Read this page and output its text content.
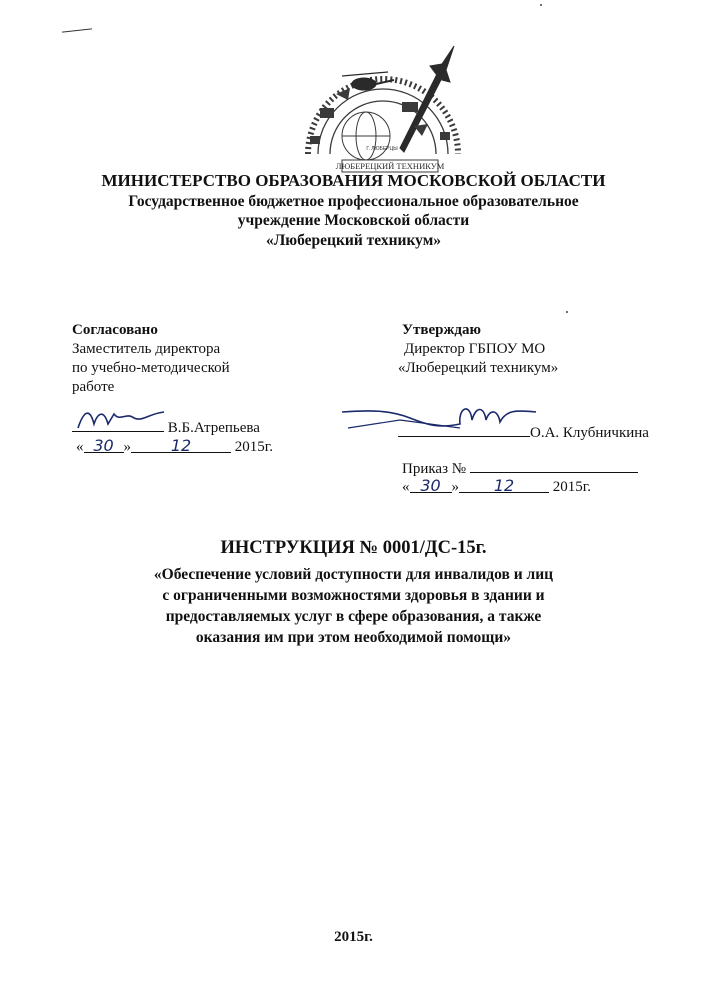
ЛЮБЕРЕЦКИЙ ТЕХНИКУМ
Г. ЛЮБЕРЦЫ
МИНИСТЕРСТВО ОБРАЗОВАНИЯ МОСКОВСКОЙ ОБЛАСТИ
Государственное бюджетное профессиональное образовательное
учреждение Московской области
«Люберецкий техникум»
Согласовано
Заместитель директора
по учебно-методической
работе
В.Б.Атрепьева
« 30 » 12	2015г.
Утверждаю
Директор ГБПОУ МО
«Люберецкий техникум»
О.А. Клубничкина
Приказ №
« 30 » 12	2015г.
ИНСТРУКЦИЯ № 0001/ДС-15г.
«Обеспечение условий доступности для инвалидов и лиц
с ограниченными возможностями здоровья в здании и
предоставляемых услуг в сфере образования, а также
оказания им при этом необходимой помощи»
2015г.
